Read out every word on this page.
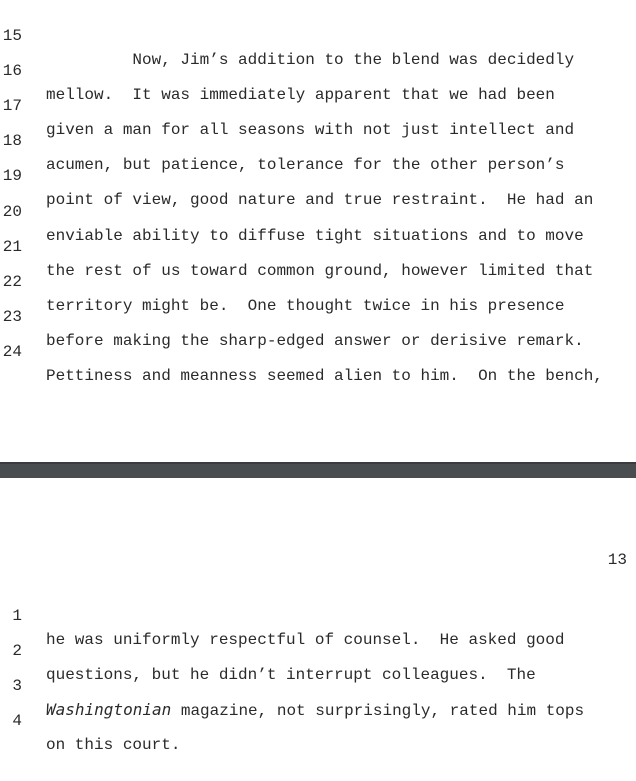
15

Now, Jim’s addition to the blend was decidedly

16

mellow.  It was immediately apparent that we had been

17

given a man for all seasons with not just intellect and

18

acumen, but patience, tolerance for the other person’s

19

point of view, good nature and true restraint.  He had an

20

enviable ability to diffuse tight situations and to move

21

the rest of us toward common ground, however limited that

22

territory might be.  One thought twice in his presence

23

before making the sharp-edged answer or derisive remark.

24

Pettiness and meanness seemed alien to him.  On the bench,

13

1

he was uniformly respectful of counsel.  He asked good

2

questions, but he didn’t interrupt colleagues.  The

3

Washingtonian magazine, not surprisingly, rated him tops

4

on this court.
